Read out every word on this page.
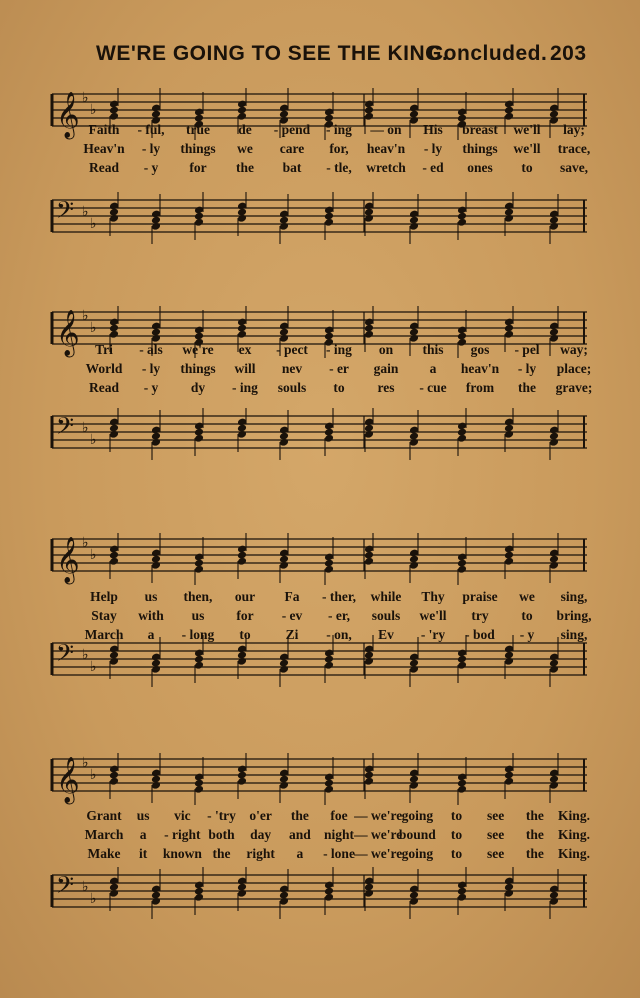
WE'RE GOING TO SEE THE KING.
Concluded. 203
𝄞 ♭
♭
𝄢 ♭
♭
Faith - ful, true de - pend - ing — on His breast we'll lay;
Heav'n - ly things we care for, heav'n - ly things we'll trace,
Read - y for the bat - tle, wretch - ed ones to save,
𝄞 ♭
♭
𝄢 ♭
♭
Tri - als we're ex - pect - ing on this gos - pel way;
World - ly things will nev - er gain a heav'n - ly place;
Read - y dy - ing souls to res - cue from the grave;
𝄞 ♭
♭
𝄢 ♭
♭
Help us then, our Fa - ther, while Thy praise we sing,
Stay with us for - ev - er, souls we'll try to bring,
March a - long to	Zi - on, Ev - 'ry - bod - y sing,
𝄞 ♭
♭
𝄢 ♭
♭
Grant us vic - 'try o'er the foe — we're going to see the King.
March a - right both day and night — we're
bound to see the King.
Make it known the right a - lone — we're going to see the King.
